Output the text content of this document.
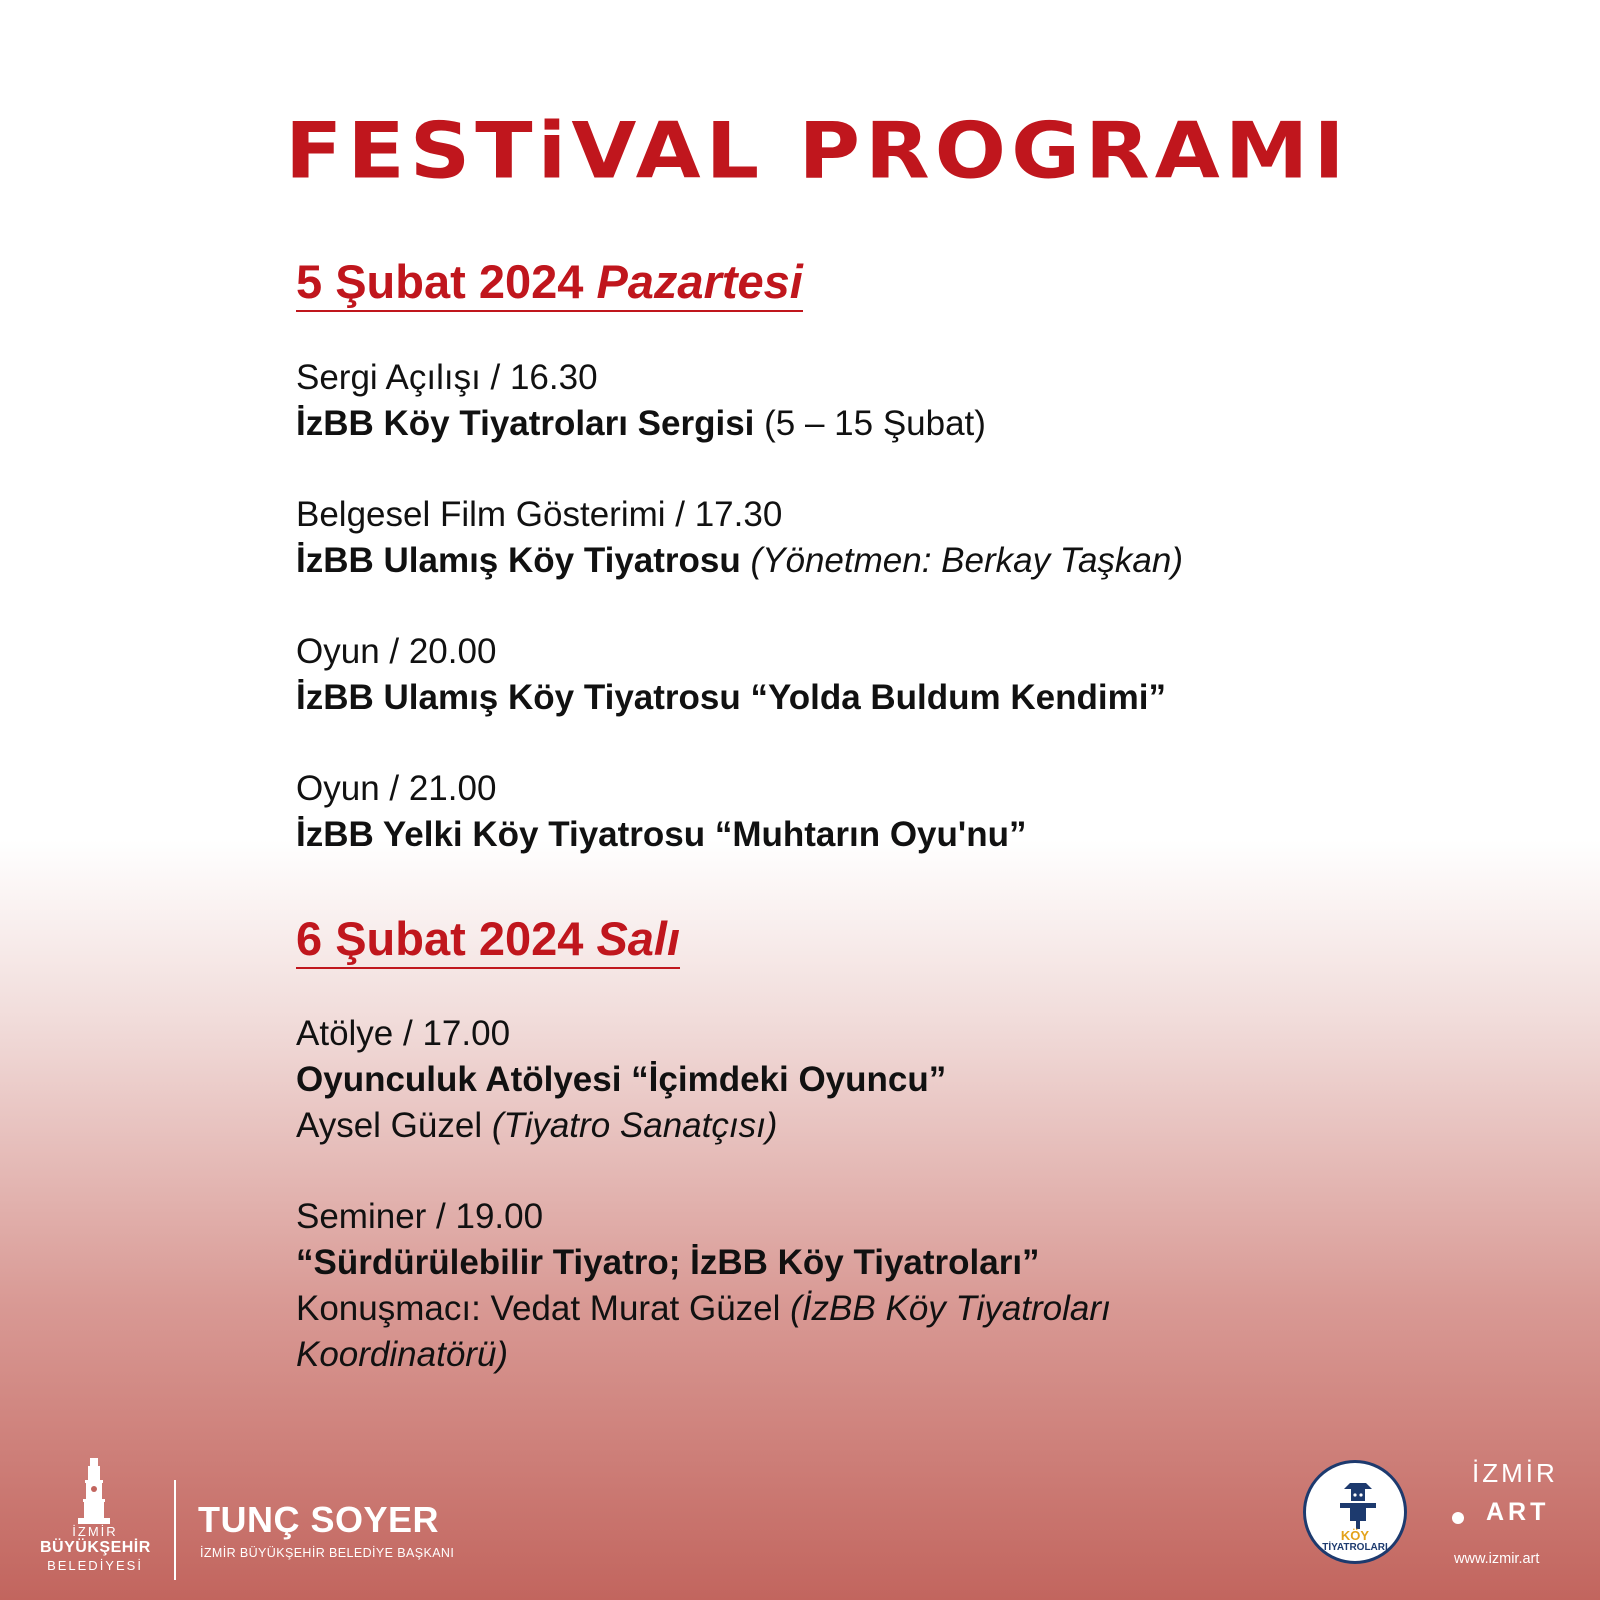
FESTiVAL PROGRAMI
5 Şubat 2024 Pazartesi
Sergi Açılışı / 16.30
İzBB Köy Tiyatroları Sergisi (5 – 15 Şubat)
Belgesel Film Gösterimi / 17.30
İzBB Ulamış Köy Tiyatrosu (Yönetmen: Berkay Taşkan)
Oyun / 20.00
İzBB Ulamış Köy Tiyatrosu “Yolda Buldum Kendimi”
Oyun / 21.00
İzBB Yelki Köy Tiyatrosu “Muhtarın Oyu'nu”
6 Şubat 2024 Salı
Atölye / 17.00
Oyunculuk Atölyesi “İçimdeki Oyuncu”
Aysel Güzel (Tiyatro Sanatçısı)
Seminer / 19.00
“Sürdürülebilir Tiyatro; İzBB Köy Tiyatroları”
Konuşmacı: Vedat Murat Güzel (İzBB Köy Tiyatroları Koordinatörü)
İZMİR
BÜYÜKŞEHİR
BELEDİYESİ
TUNÇ SOYER
İZMİR BÜYÜKŞEHİR BELEDİYE BAŞKANI
KÖY
TİYATROLARI
İZMİR
ART
www.izmir.art
